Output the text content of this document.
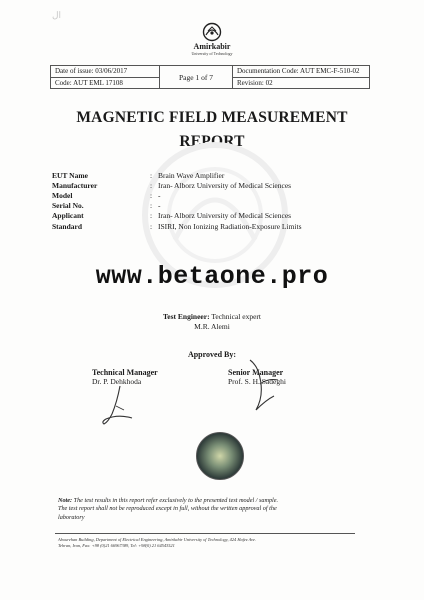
ال
Amirkabir
University of Technology
Date of issue: 03/06/2017
Code: AUT EML 17108
Page 1 of 7
Documentation Code: AUT EMC-F-510-02
Revision: 02
MAGNETIC FIELD MEASUREMENT
REPORT
EUT Name	: Brain Wave Amplifier
Manufacturer	: Iran- Alborz University of Medical Sciences
Model	: -
Serial No.	: -
Applicant	: Iran- Alborz University of Medical Sciences
Standard	: ISIRI, Non Ionizing Radiation-Exposure Limits
www.betaone.pro
Test Engineer: Technical expert
M.R. Alemi
Approved By:
Technical Manager
Dr. P. Dehkhoda
Senior Manager
Prof. S. H. Sadeghi
Note: The test results in this report refer exclusively to the presented test model / sample.
The test report shall not be reproduced except in full, without the written approval of the
laboratory
Abourehan Building, Department of Electrical Engineering, Amirkabir University of Technology, 424 Hafez Ave.
Tehran, Iran, Fax: +98 (0)21 66967389, Tel: +98(0) 21 64543521
